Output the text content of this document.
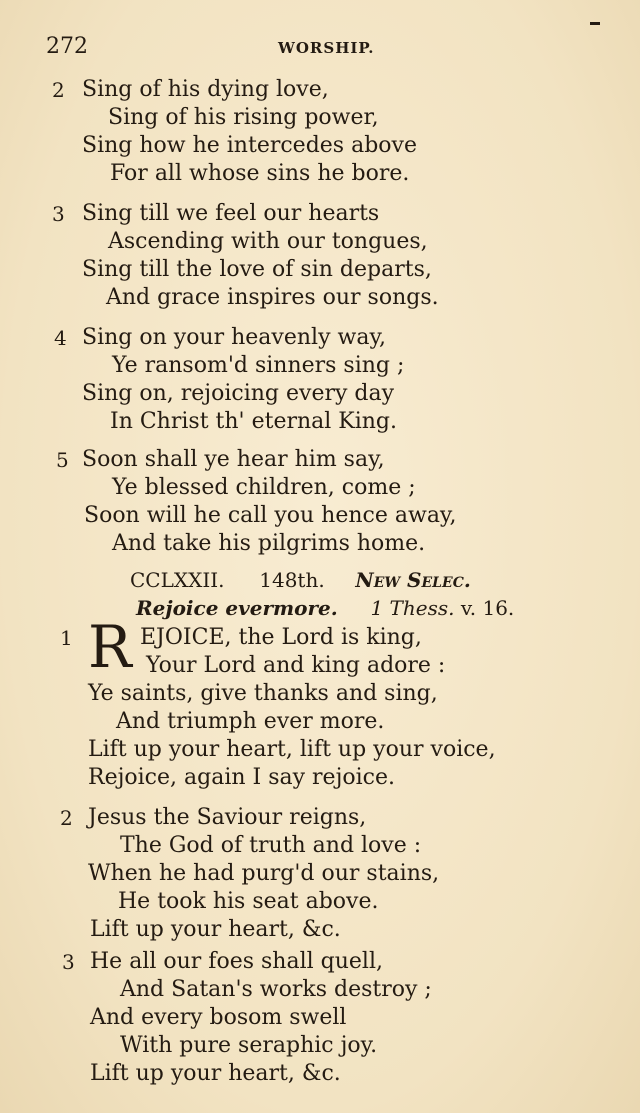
272	WORSHIP.
2 Sing of his dying love,
Sing of his rising power,
Sing how he intercedes above
For all whose sins he bore.
3 Sing till we feel our hearts
Ascending with our tongues,
Sing till the love of sin departs,
And grace inspires our songs.
4 Sing on your heavenly way,
Ye ransom'd sinners sing ;
Sing on, rejoicing every day
In Christ th' eternal King.
5 Soon shall ye hear him say,
Ye blessed children, come ;
Soon will he call you hence away,
And take his pilgrims home.
CCLXXII. 148th. New Selec.
Rejoice evermore. 1 Thess. v. 16.
1 R EJOICE, the Lord is king,
Your Lord and king adore :
Ye saints, give thanks and sing,
And triumph ever more.
Lift up your heart, lift up your voice,
Rejoice, again I say rejoice.
2 Jesus the Saviour reigns,
The God of truth and love :
When he had purg'd our stains,
He took his seat above.
Lift up your heart, &c.
3 He all our foes shall quell,
And Satan's works destroy ;
And every bosom swell
With pure seraphic joy.
Lift up your heart, &c.
